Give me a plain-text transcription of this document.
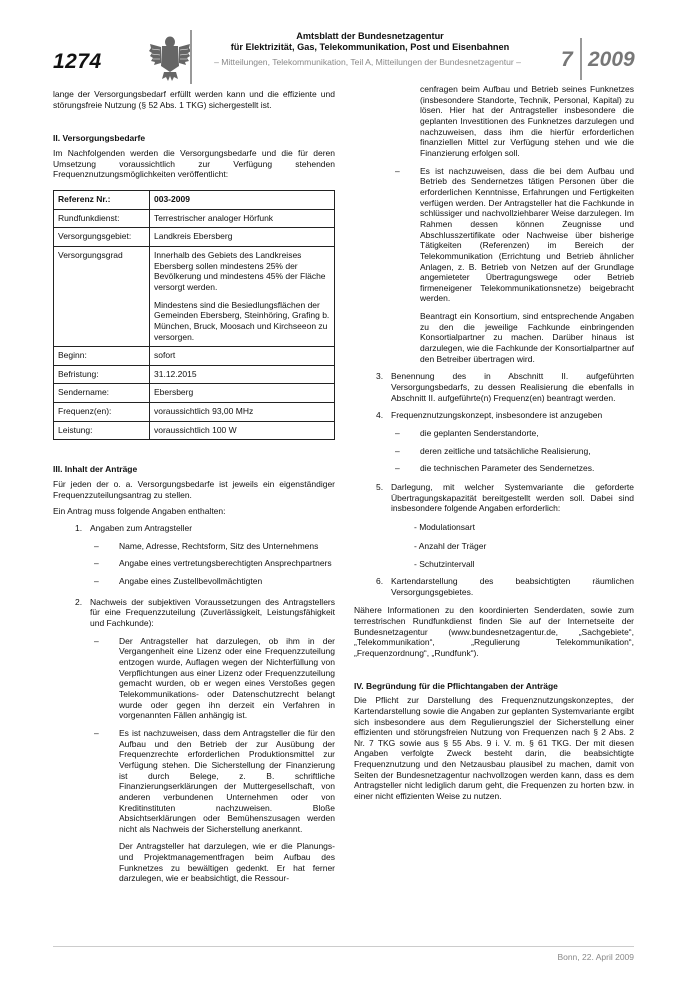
1274
Amtsblatt der Bundesnetzagentur
für Elektrizität, Gas, Telekommunikation, Post und Eisenbahnen
– Mitteilungen, Telekommunikation, Teil A, Mitteilungen der Bundesnetzagentur –	7 2009

lange der Versorgungsbedarf erfüllt werden kann und die effiziente und störungsfreie Nutzung (§ 52 Abs. 1 TKG) sichergestellt ist.

II. Versorgungsbedarfe

Im Nachfolgenden werden die Versorgungsbedarfe und die für deren Umsetzung voraussichtlich zur Verfügung stehenden Frequenznutzungsmöglichkeiten veröffentlicht:

Referenz Nr.:	003-2009
Rundfunkdienst:	Terrestrischer analoger Hörfunk
Versorgungsgebiet:	Landkreis Ebersberg
Versorgungsgrad	Innerhalb des Gebiets des Landkreises Ebersberg sollen mindestens 25% der Bevölkerung und mindestens 45% der Fläche versorgt werden.

Mindestens sind die Besiedlungsflächen der Gemeinden Ebersberg, Steinhöring, Grafing b. München, Bruck, Moosach und Kirchseeon zu versorgen.

Beginn:	sofort
Befristung:	31.12.2015
Sendername:	Ebersberg
Frequenz(en):	voraussichtlich 93,00 MHz
Leistung:	voraussichtlich 100 W

III. Inhalt der Anträge

Für jeden der o. a. Versorgungsbedarfe ist jeweils ein eigenständiger Frequenzzuteilungsantrag zu stellen.

Ein Antrag muss folgende Angaben enthalten:

1. Angaben zum Antragsteller

–	Name, Adresse, Rechtsform, Sitz des Unternehmens

–	Angabe eines vertretungsberechtigten Ansprechpartners

–	Angabe eines Zustellbevollmächtigten

2. Nachweis der subjektiven Voraussetzungen des Antragstellers für eine Frequenzzuteilung (Zuverlässigkeit, Leistungsfähigkeit und Fachkunde):

–	Der Antragsteller hat darzulegen, ob ihm in der Vergangenheit eine Lizenz oder eine Frequenzzuteilung entzogen wurde, Auflagen wegen der Nichterfüllung von Verpflichtungen aus einer Lizenz oder Frequenzzuteilung gemacht wurden, ob er wegen eines Verstoßes gegen Telekommunikations- oder Datenschutzrecht belangt wurde oder gegen ihn derzeit ein Verfahren in vorgenannten Fällen anhängig ist.

–	Es ist nachzuweisen, dass dem Antragsteller die für den Aufbau und den Betrieb der zur Ausübung der Frequenzrechte erforderlichen Produktionsmittel zur Verfügung stehen. Die Sicherstellung der Finanzierung ist durch Belege, z. B. schriftliche Finanzierungserklärungen der Muttergesellschaft, von anderen verbundenen Unternehmen oder von Kreditinstituten nachzuweisen. Bloße Absichtserklärungen oder Bemühenszusagen werden nicht als Nachweis der Sicherstellung anerkannt.

Der Antragsteller hat darzulegen, wie er die Planungs- und Projektmanagementfragen beim Aufbau des Funknetzes zu bewältigen gedenkt. Er hat ferner darzulegen, wie er beabsichtigt, die Ressour-

cenfragen beim Aufbau und Betrieb seines Funknetzes (insbesondere Standorte, Technik, Personal, Kapital) zu lösen. Hier hat der Antragsteller insbesondere die geplanten Investitionen des Funknetzes darzulegen und nachzuweisen, dass ihm die hierfür erforderlichen finanziellen Mittel zur Verfügung stehen und wie die Finanzierung erfolgen soll.

–	Es ist nachzuweisen, dass die bei dem Aufbau und Betrieb des Sendernetzes tätigen Personen über die erforderlichen Kenntnisse, Erfahrungen und Fertigkeiten verfügen werden. Der Antragsteller hat die Fachkunde in schlüssiger und nachvollziehbarer Weise darzulegen. Im Rahmen dessen können Zeugnisse und Abschlusszertifikate oder Nachweise über bisherige Tätigkeiten (Referenzen) im Bereich der Telekommunikation (Errichtung und Betrieb ähnlicher Anlagen, z. B. Betrieb von Netzen auf der Grundlage angemieteter Übertragungswege oder Betrieb firmeneigener Telekommunikationsnetze) beigebracht werden.

Beantragt ein Konsortium, sind entsprechende Angaben zu den die jeweilige Fachkunde einbringenden Konsortialpartner zu machen. Darüber hinaus ist darzulegen, wie die Fachkunde der Konsortialpartner auf den Betreiber übertragen wird.

3. Benennung des in Abschnitt II. aufgeführten Versorgungsbedarfs, zu dessen Realisierung die ebenfalls in Abschnitt II. aufgeführte(n) Frequenz(en) beantragt werden.

4. Frequenznutzungskonzept, insbesondere ist anzugeben

–	die geplanten Senderstandorte,

–	deren zeitliche und tatsächliche Realisierung,

–	die technischen Parameter des Sendernetzes.

5. Darlegung, mit welcher Systemvariante die geforderte Übertragungskapazität bereitgestellt werden soll. Dabei sind insbesondere folgende Angaben erforderlich:

- Modulationsart

- Anzahl der Träger

- Schutzintervall

6. Kartendarstellung des beabsichtigten räumlichen Versorgungsgebietes.

Nähere Informationen zu den koordinierten Senderdaten, sowie zum terrestrischen Rundfunkdienst finden Sie auf der Internetseite der Bundesnetzagentur (www.bundesnetzagentur.de, „Sachgebiete“, „Telekommunikation“, „Regulierung Telekommunikation“, „Frequenzordnung“, „Rundfunk“).

IV. Begründung für die Pflichtangaben der Anträge

Die Pflicht zur Darstellung des Frequenznutzungskonzeptes, der Kartendarstellung sowie die Angaben zur geplanten Systemvariante ergibt sich insbesondere aus dem Regulierungsziel der Sicherstellung einer effizienten und störungsfreien Nutzung von Frequenzen nach § 2 Abs. 2 Nr. 7 TKG sowie aus § 55 Abs. 9 i. V. m. § 61 TKG. Der mit diesen Angaben verfolgte Zweck besteht darin, die beabsichtigte Frequenznutzung und den Netzausbau plausibel zu machen, damit von Seiten der Bundesnetzagentur nachvollzogen werden kann, dass es dem Antragsteller nicht lediglich darum geht, die Frequenzen zu horten bzw. in einer nicht effizienten Weise zu nutzen.

Bonn, 22. April 2009
